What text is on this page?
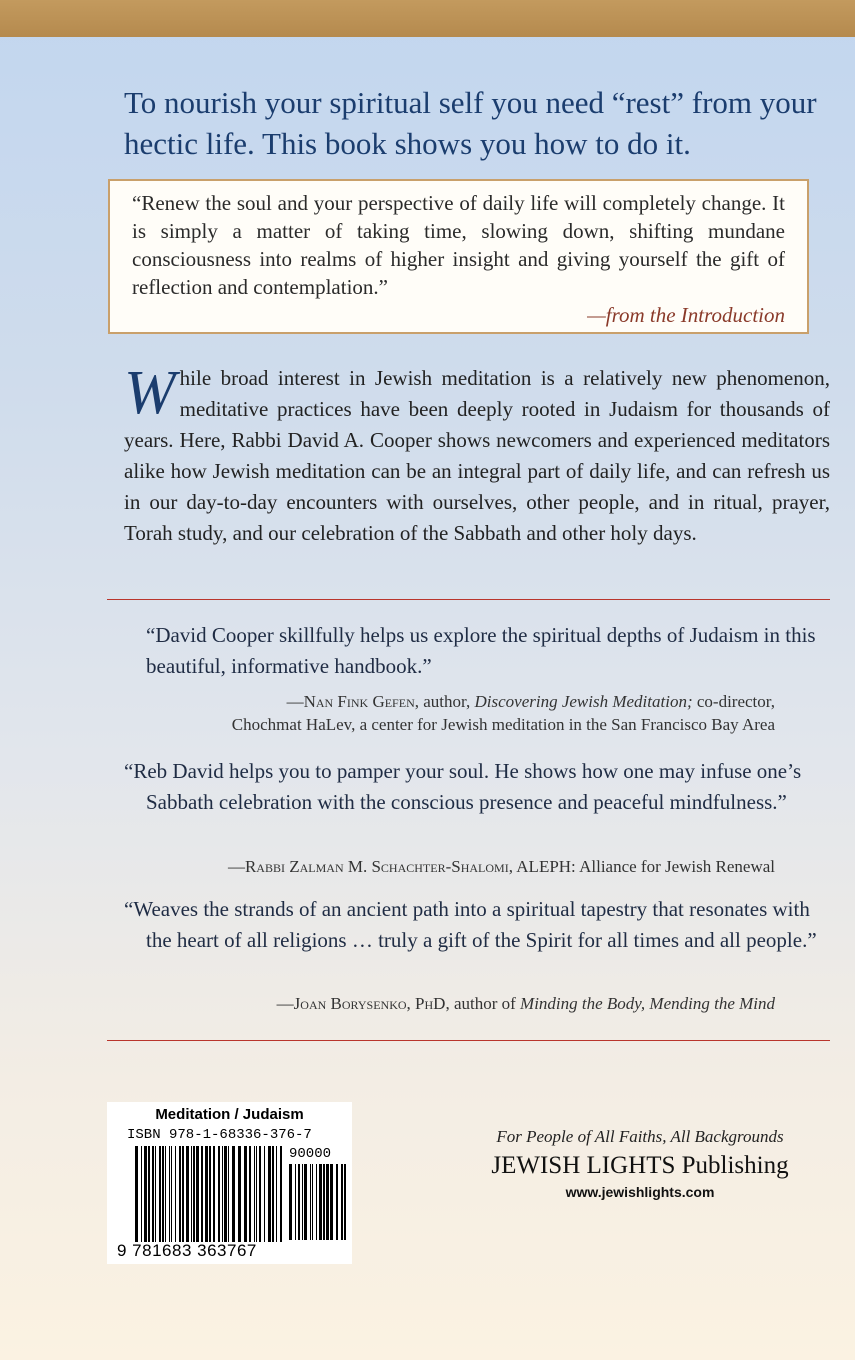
To nourish your spiritual self you need “rest” from your hectic life. This book shows you how to do it.
“Renew the soul and your perspective of daily life will completely change. It is simply a matter of taking time, slowing down, shifting mundane consciousness into realms of higher insight and giving yourself the gift of reflection and contemplation.”
—from the Introduction
W hile broad interest in Jewish meditation is a relatively new phenomenon, meditative practices have been deeply rooted in Judaism for thousands of years. Here, Rabbi David A. Cooper shows newcomers and experienced meditators alike how Jewish meditation can be an integral part of daily life, and can refresh us in our day-to-day encounters with ourselves, other people, and in ritual, prayer, Torah study, and our celebration of the Sabbath and other holy days.
“David Cooper skillfully helps us explore the spiritual depths of Judaism in this beautiful, informative handbook.”
—Nan Fink Gefen, author, Discovering Jewish Meditation; co-director,
Chochmat HaLev, a center for Jewish meditation in the San Francisco Bay Area
“Reb David helps you to pamper your soul. He shows how one may infuse one’s Sabbath celebration with the conscious presence and peaceful mindfulness.”
—Rabbi Zalman M. Schachter-Shalomi, ALEPH: Alliance for Jewish Renewal
“Weaves the strands of an ancient path into a spiritual tapestry that resonates with the heart of all religions … truly a gift of the Spirit for all times and all people.”
—Joan Borysenko, PhD, author of Minding the Body, Mending the Mind
Meditation / Judaism
ISBN 978-1-68336-376-7
90000
9 781683 363767
For People of All Faiths, All Backgrounds
JEWISH LIGHTS Publishing
www.jewishlights.com
